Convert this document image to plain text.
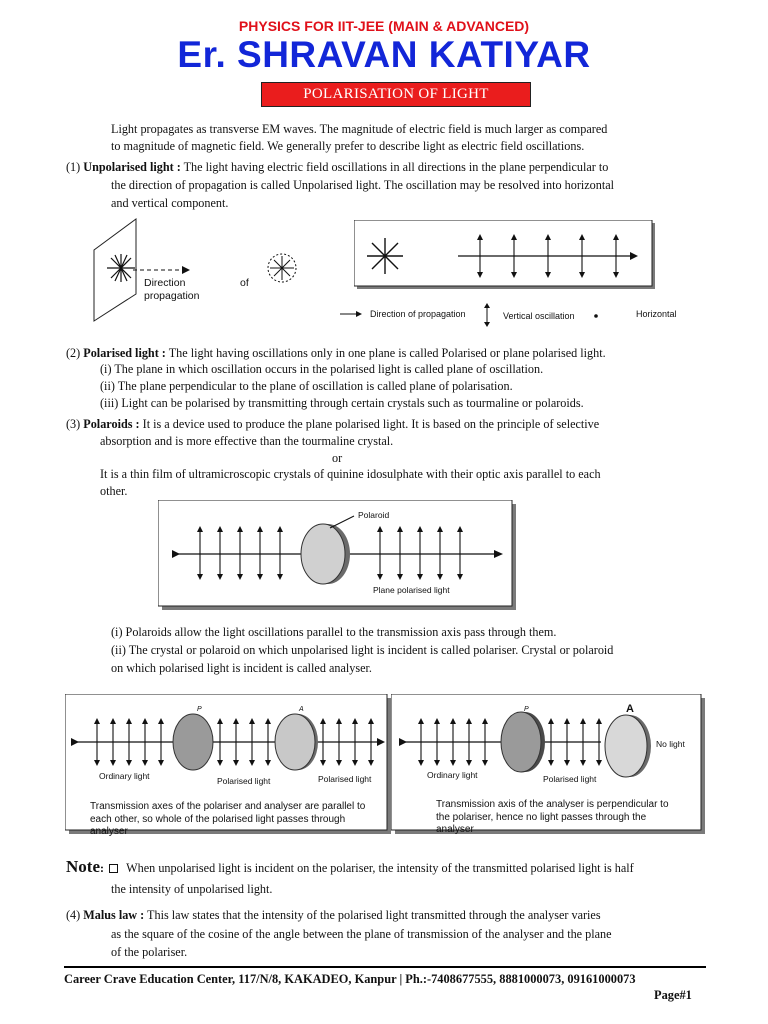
PHYSICS FOR IIT-JEE (MAIN & ADVANCED)
Er. SHRAVAN KATIYAR
POLARISATION OF LIGHT
Light propagates as transverse EM waves. The magnitude of electric field is much larger as compared
to magnitude of magnetic field. We generally prefer to describe light as electric field oscillations.
(1) Unpolarised light : The light having electric field oscillations in all directions in the plane perpendicular to
the direction of propagation is called Unpolarised light. The oscillation may be resolved into horizontal
and vertical component.
Direction	of
propagation
Direction of propagation	Vertical oscillation	Horizontal
(2) Polarised light : The light having oscillations only in one plane is called Polarised or plane polarised light.
(i) The plane in which oscillation occurs in the polarised light is called plane of oscillation.
(ii) The plane perpendicular to the plane of oscillation is called plane of polarisation.
(iii) Light can be polarised by transmitting through certain crystals such as tourmaline or polaroids.
(3) Polaroids : It is a device used to produce the plane polarised light. It is based on the principle of selective
absorption and is more effective than the tourmaline crystal.
or
It is a thin film of ultramicroscopic crystals of quinine idosulphate with their optic axis parallel to each
other.
Polaroid
Plane polarised light
(i) Polaroids allow the light oscillations parallel to the transmission axis pass through them.
(ii) The crystal or polaroid on which unpolarised light is incident is called polariser. Crystal or polaroid
on which polarised light is incident is called analyser.
P	A
Ordinary light	Polarised light	Polarised light
Transmission axes of the polariser and analyser are parallel to
each other, so whole of the polarised light passes through
analyser
P	A
No light
Ordinary light	Polarised light
Transmission axis of the analyser is perpendicular to
the polariser, hence no light passes through the
analyser
Note: When unpolarised light is incident on the polariser, the intensity of the transmitted polarised light is half
the intensity of unpolarised light.
(4) Malus law : This law states that the intensity of the polarised light transmitted through the analyser varies
as the square of the cosine of the angle between the plane of transmission of the analyser and the plane
of the polariser.
Career Crave Education Center, 117/N/8, KAKADEO, Kanpur | Ph.:-7408677555, 8881000073, 09161000073
Page#1
